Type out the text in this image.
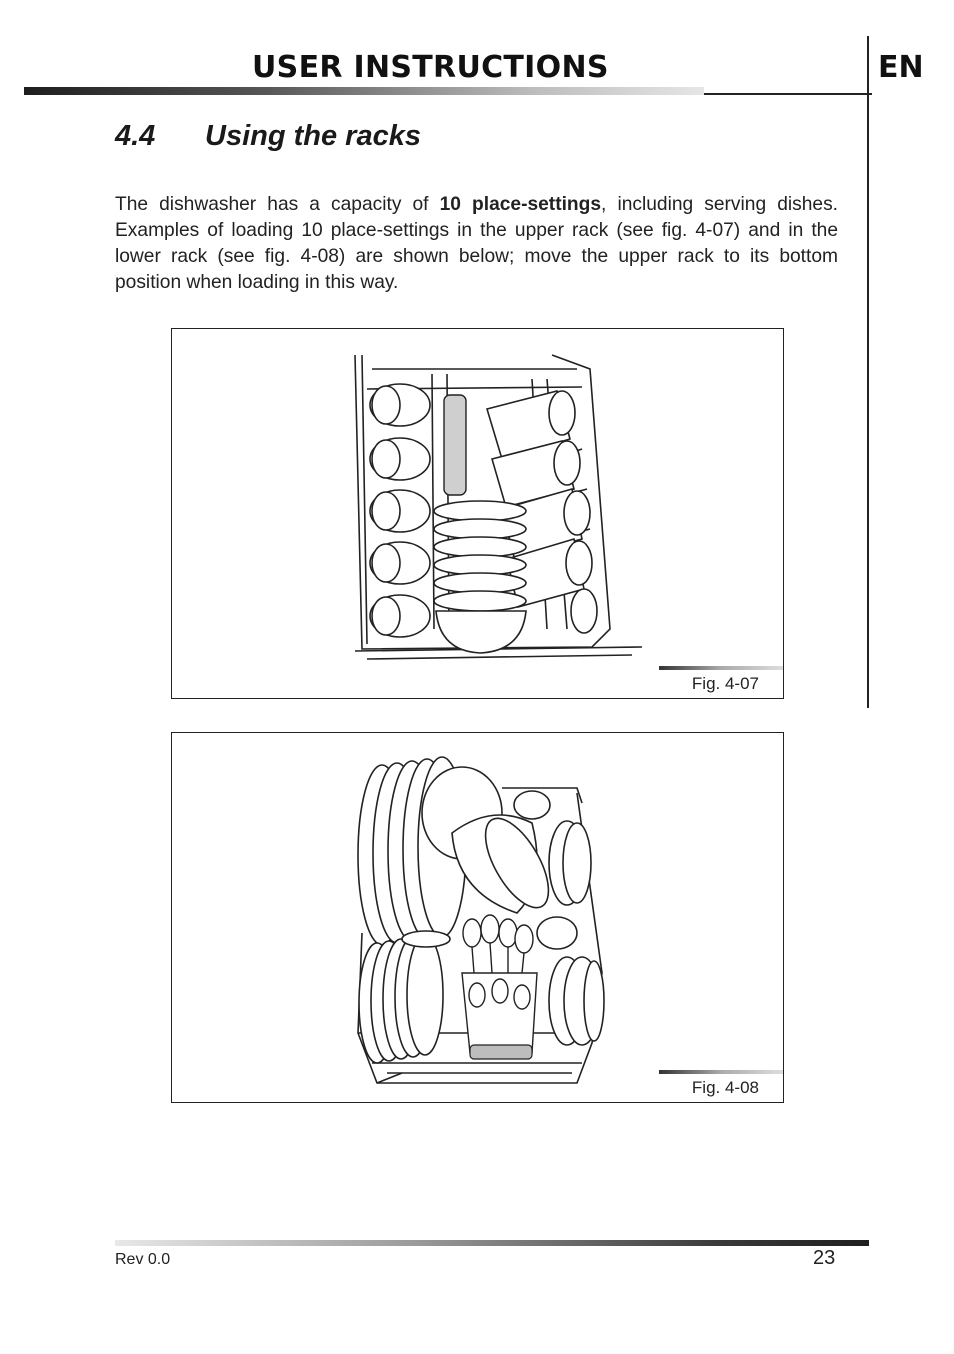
USER INSTRUCTIONS	EN
4.4 Using the racks

The dishwasher has a capacity of 10 place-settings, including serving dishes. Examples of loading 10 place-settings in the upper rack (see fig. 4-07) and in the lower rack (see fig. 4-08) are shown below; move the upper rack to its bottom position when loading in this way.

Fig. 4-07
Fig. 4-08
Rev 0.0	23
